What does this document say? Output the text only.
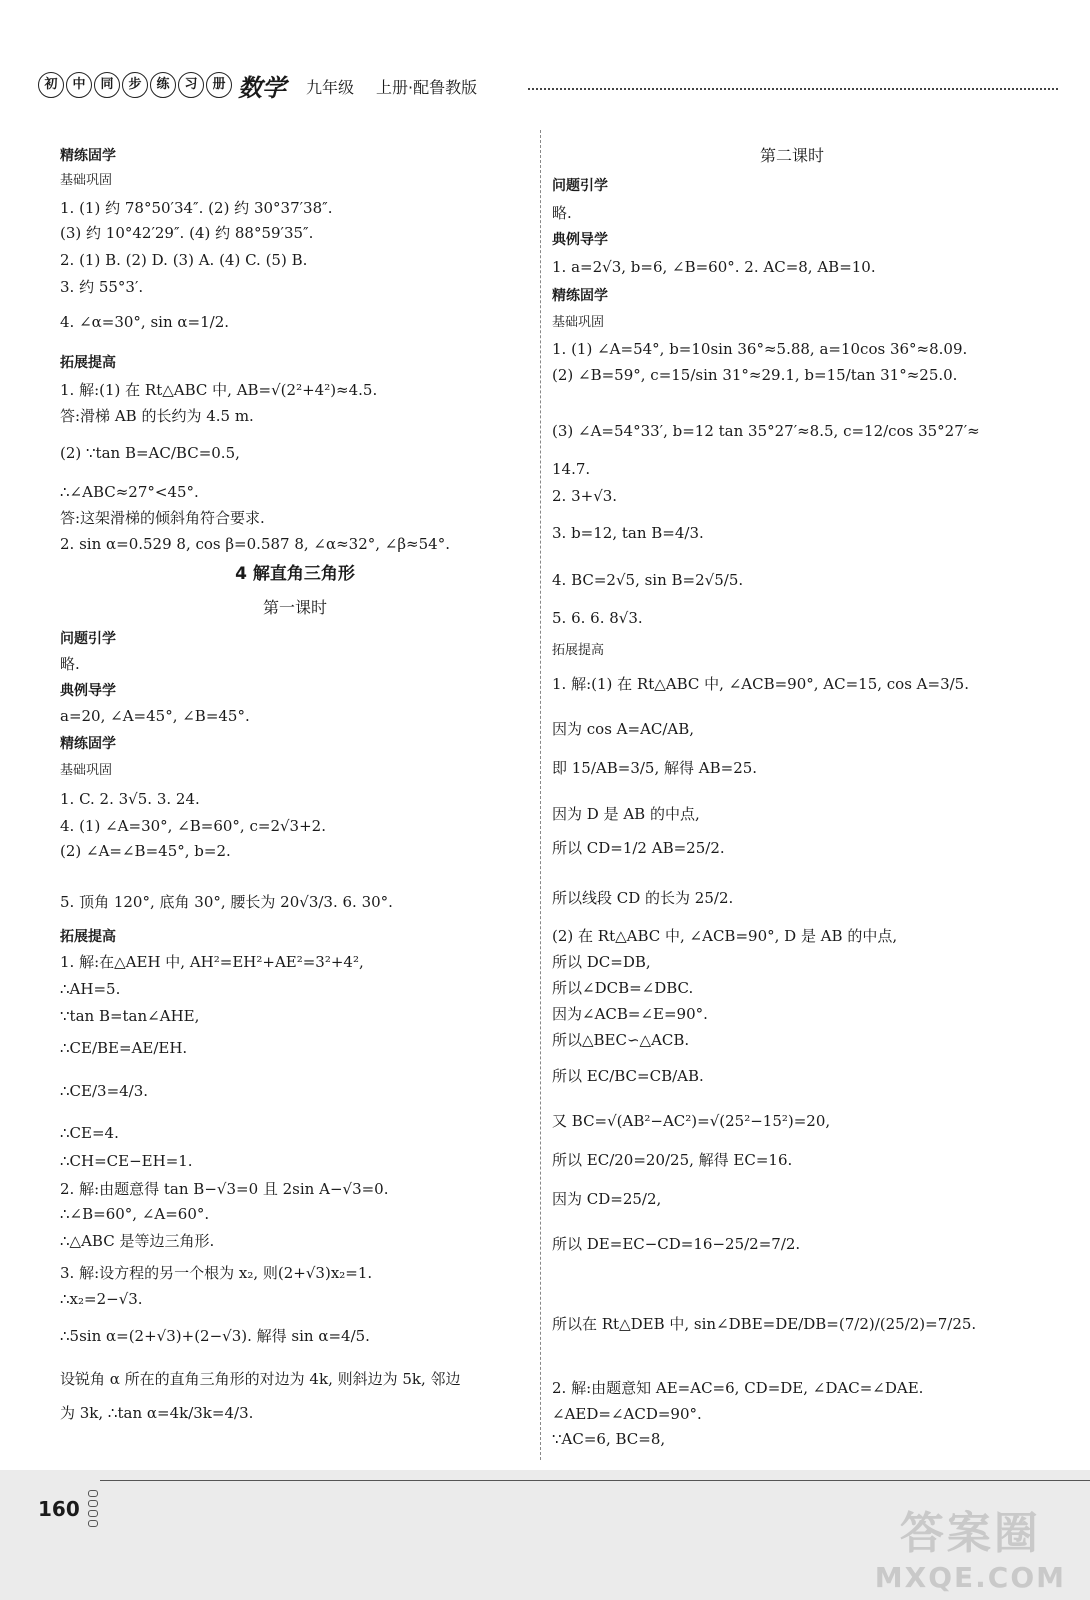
初	中	同	步	练	习	册 数学 九年级 上册·配鲁教版
精练固学
基础巩固
1. (1) 约 78°50′34″. (2) 约 30°37′38″.
(3) 约 10°42′29″. (4) 约 88°59′35″.
2. (1) B. (2) D. (3) A. (4) C. (5) B.
3. 约 55°3′.
4. ∠α=30°, sin α=1/2.
拓展提高
1. 解:(1) 在 Rt△ABC 中, AB=√(2²+4²)≈4.5.
答:滑梯 AB 的长约为 4.5 m.
(2) ∵tan B=AC/BC=0.5,
∴∠ABC≈27°<45°.
答:这架滑梯的倾斜角符合要求.
2. sin α=0.529 8, cos β=0.587 8, ∠α≈32°, ∠β≈54°.
4 解直角三角形
第一课时
问题引学
略.
典例导学
a=20, ∠A=45°, ∠B=45°.
精练固学
基础巩固
1. C. 2. 3√5. 3. 24.
4. (1) ∠A=30°, ∠B=60°, c=2√3+2.
(2) ∠A=∠B=45°, b=2.
5. 顶角 120°, 底角 30°, 腰长为 20√3/3. 6. 30°.
拓展提高
1. 解:在△AEH 中, AH²=EH²+AE²=3²+4²,
∴AH=5.
∵tan B=tan∠AHE,
∴CE/BE=AE/EH.
∴CE/3=4/3.
∴CE=4.
∴CH=CE−EH=1.
2. 解:由题意得 tan B−√3=0 且 2sin A−√3=0.
∴∠B=60°, ∠A=60°.
∴△ABC 是等边三角形.
3. 解:设方程的另一个根为 x₂, 则(2+√3)x₂=1.
∴x₂=2−√3.
∴5sin α=(2+√3)+(2−√3). 解得 sin α=4/5.
设锐角 α 所在的直角三角形的对边为 4k, 则斜边为 5k, 邻边
为 3k, ∴tan α=4k/3k=4/3.
第二课时
问题引学
略.
典例导学
1. a=2√3, b=6, ∠B=60°. 2. AC=8, AB=10.
精练固学
基础巩固
1. (1) ∠A=54°, b=10sin 36°≈5.88, a=10cos 36°≈8.09.
(2) ∠B=59°, c=15/sin 31°≈29.1, b=15/tan 31°≈25.0.
(3) ∠A=54°33′, b=12 tan 35°27′≈8.5, c=12/cos 35°27′≈
14.7.
2. 3+√3.
3. b=12, tan B=4/3.
4. BC=2√5, sin B=2√5/5.
5. 6. 6. 8√3.
拓展提高
1. 解:(1) 在 Rt△ABC 中, ∠ACB=90°, AC=15, cos A=3/5.
因为 cos A=AC/AB,
即 15/AB=3/5, 解得 AB=25.
因为 D 是 AB 的中点,
所以 CD=1/2 AB=25/2.
所以线段 CD 的长为 25/2.
(2) 在 Rt△ABC 中, ∠ACB=90°, D 是 AB 的中点,
所以 DC=DB,
所以∠DCB=∠DBC.
因为∠ACB=∠E=90°.
所以△BEC∽△ACB.
所以 EC/BC=CB/AB.
又 BC=√(AB²−AC²)=√(25²−15²)=20,
所以 EC/20=20/25, 解得 EC=16.
因为 CD=25/2,
所以 DE=EC−CD=16−25/2=7/2.
所以在 Rt△DEB 中, sin∠DBE=DE/DB=(7/2)/(25/2)=7/25.
2. 解:由题意知 AE=AC=6, CD=DE, ∠DAC=∠DAE.
∠AED=∠ACD=90°.
∵AC=6, BC=8,
160	答案圈
MXQE.COM
